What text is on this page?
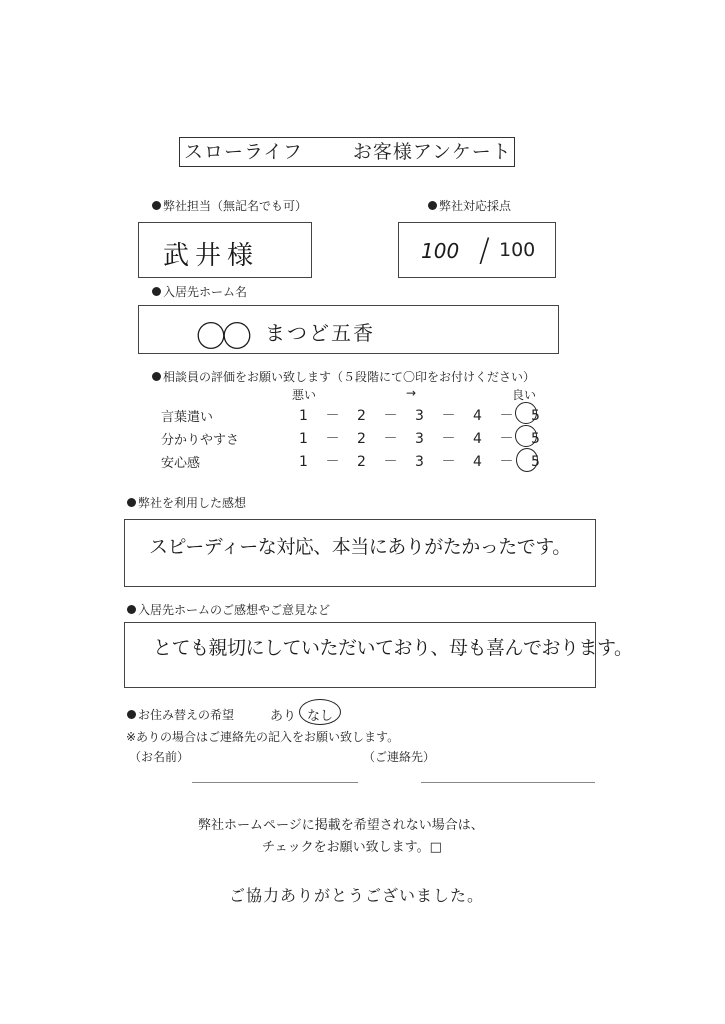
スローライフ	お客様アンケート
弊社担当（無記名でも可）
武井様
弊社対応採点
100 / 100
入居先ホーム名
〇〇 まつど五香
相談員の評価をお願い致します（５段階にて〇印をお付けください）
悪い	→	良い
言葉遣い	1 － 2 － 3 － 4 － 5
分かりやすさ	1 － 2 － 3 － 4 － 5
安心感	1 － 2 － 3 － 4 － 5
弊社を利用した感想
スピーディーな対応、本当にありがたかったです。
入居先ホームのご感想やご意見など
とても親切にしていただいており、母も喜んでおります。
お住み替えの希望	あり なし
※ありの場合はご連絡先の記入をお願い致します。
（お名前）	（ご連絡先）
弊社ホームページに掲載を希望されない場合は、
チェックをお願い致します。□
ご協力ありがとうございました。
